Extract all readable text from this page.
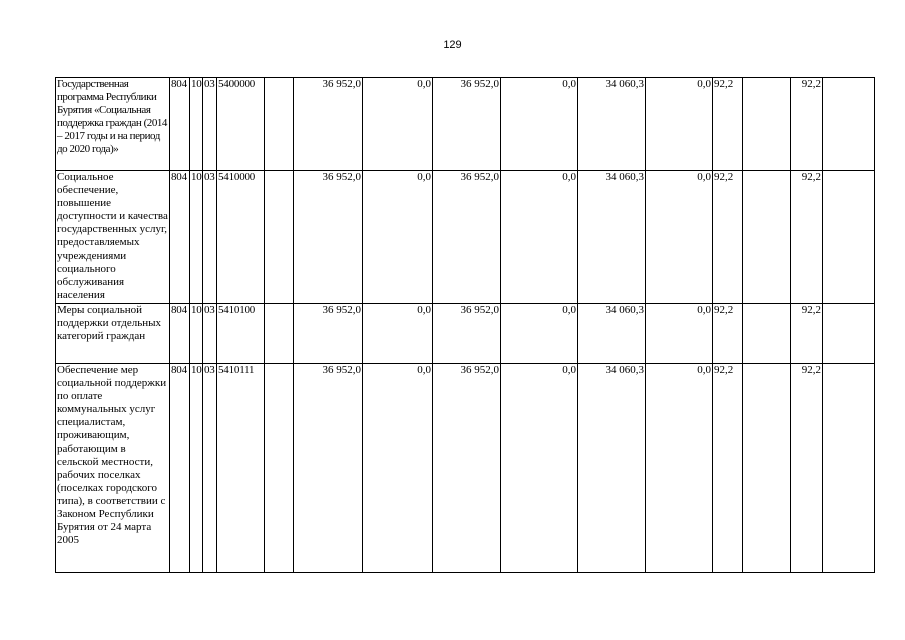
129
Государственная программа Республики Бурятия «Социальная поддержка граждан (2014 – 2017 годы и на период до 2020 года)»	804	10	03	5400000		36 952,0	0,0	36 952,0	0,0	34 060,3	0,0	92,2		92,2	
Социальное обеспечение, повышение доступности и качества государственных услуг, предоставляемых учреждениями социального обслуживания населения	804	10	03	5410000		36 952,0	0,0	36 952,0	0,0	34 060,3	0,0	92,2		92,2	
Меры социальной поддержки отдельных категорий граждан	804	10	03	5410100		36 952,0	0,0	36 952,0	0,0	34 060,3	0,0	92,2		92,2	
Обеспечение мер социальной поддержки по оплате коммунальных услуг специалистам, проживающим, работающим в сельской местности, рабочих поселках (поселках городского типа), в соответствии с Законом Республики Бурятия от 24 марта 2005	804	10	03	5410111		36 952,0	0,0	36 952,0	0,0	34 060,3	0,0	92,2		92,2	
